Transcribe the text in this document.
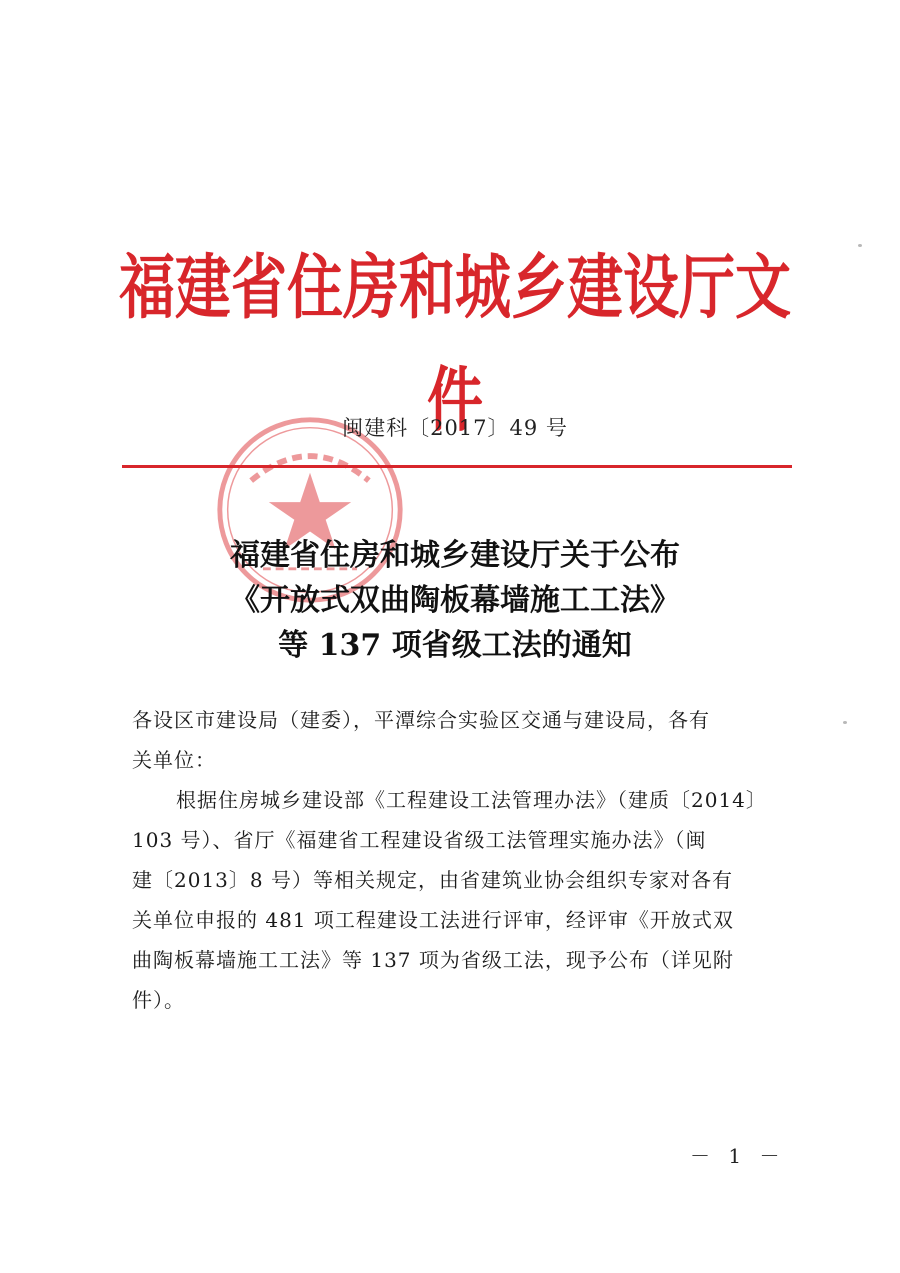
福建省住房和城乡建设厅文件
闽建科〔2017〕49 号
福建省住房和城乡建设厅关于公布
《开放式双曲陶板幕墙施工工法》
等 137 项省级工法的通知
各设区市建设局（建委），平潭综合实验区交通与建设局，各有
关单位：
根据住房城乡建设部《工程建设工法管理办法》（建质〔2014〕
103 号）、省厅《福建省工程建设省级工法管理实施办法》（闽
建〔2013〕8 号）等相关规定，由省建筑业协会组织专家对各有
关单位申报的 481 项工程建设工法进行评审，经评审《开放式双
曲陶板幕墙施工工法》等 137 项为省级工法，现予公布（详见附
件）。
－ 1 －
